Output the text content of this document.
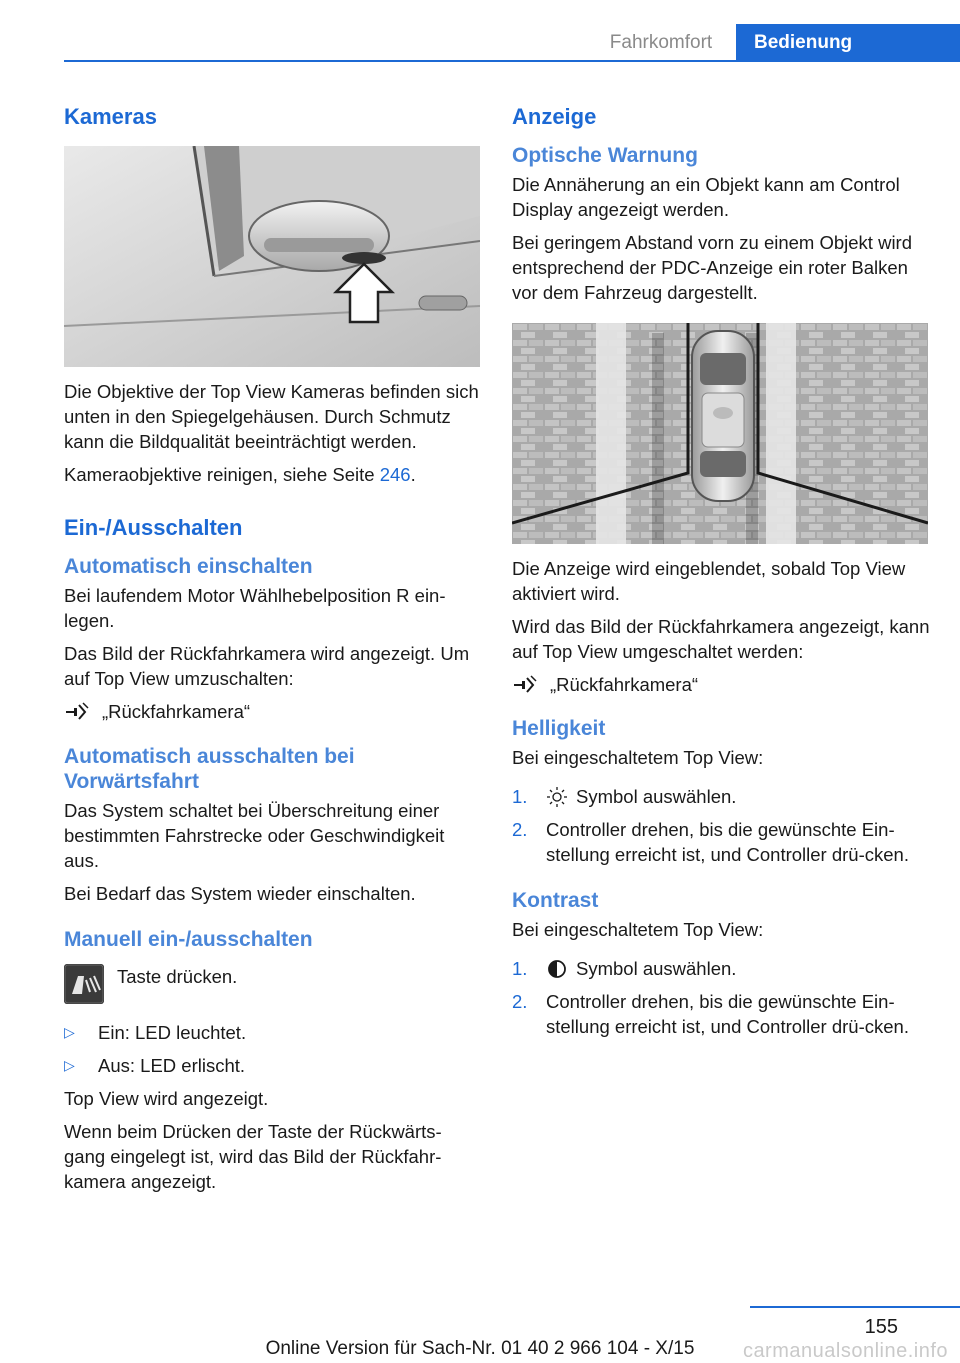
Fahrkomfort	Bedienung
Kameras

Die Objektive der Top View Kameras befinden sich unten in den Spiegelgehäusen. Durch Schmutz kann die Bildqualität beeinträchtigt werden.

Kameraobjektive reinigen, siehe Seite 246.

Ein-/Ausschalten
Automatisch einschalten

Bei laufendem Motor Wählhebelposition R ein-legen.

Das Bild der Rückfahrkamera wird angezeigt. Um auf Top View umzuschalten:

„Rückfahrkamera“
Automatisch ausschalten bei Vorwärtsfahrt

Das System schaltet bei Überschreitung einer bestimmten Fahrstrecke oder Geschwindigkeit aus.

Bei Bedarf das System wieder einschalten.

Manuell ein-/ausschalten

Taste drücken.

▷	Ein: LED leuchtet.
▷	Aus: LED erlischt.

Top View wird angezeigt.

Wenn beim Drücken der Taste der Rückwärts-gang eingelegt ist, wird das Bild der Rückfahr-kamera angezeigt.

Anzeige
Optische Warnung

Die Annäherung an ein Objekt kann am Control Display angezeigt werden.

Bei geringem Abstand vorn zu einem Objekt wird entsprechend der PDC-Anzeige ein roter Balken vor dem Fahrzeug dargestellt.

Die Anzeige wird eingeblendet, sobald Top View aktiviert wird.

Wird das Bild der Rückfahrkamera angezeigt, kann auf Top View umgeschaltet werden:

„Rückfahrkamera“
Helligkeit

Bei eingeschaltetem Top View:

1.	Symbol auswählen.
2.	Controller drehen, bis die gewünschte Ein-stellung erreicht ist, und Controller drü-cken.
Kontrast

Bei eingeschaltetem Top View:

1.	Symbol auswählen.
2.	Controller drehen, bis die gewünschte Ein-stellung erreicht ist, und Controller drü-cken.
155
Online Version für Sach-Nr. 01 40 2 966 104 - X/15	carmanualsonline.info
